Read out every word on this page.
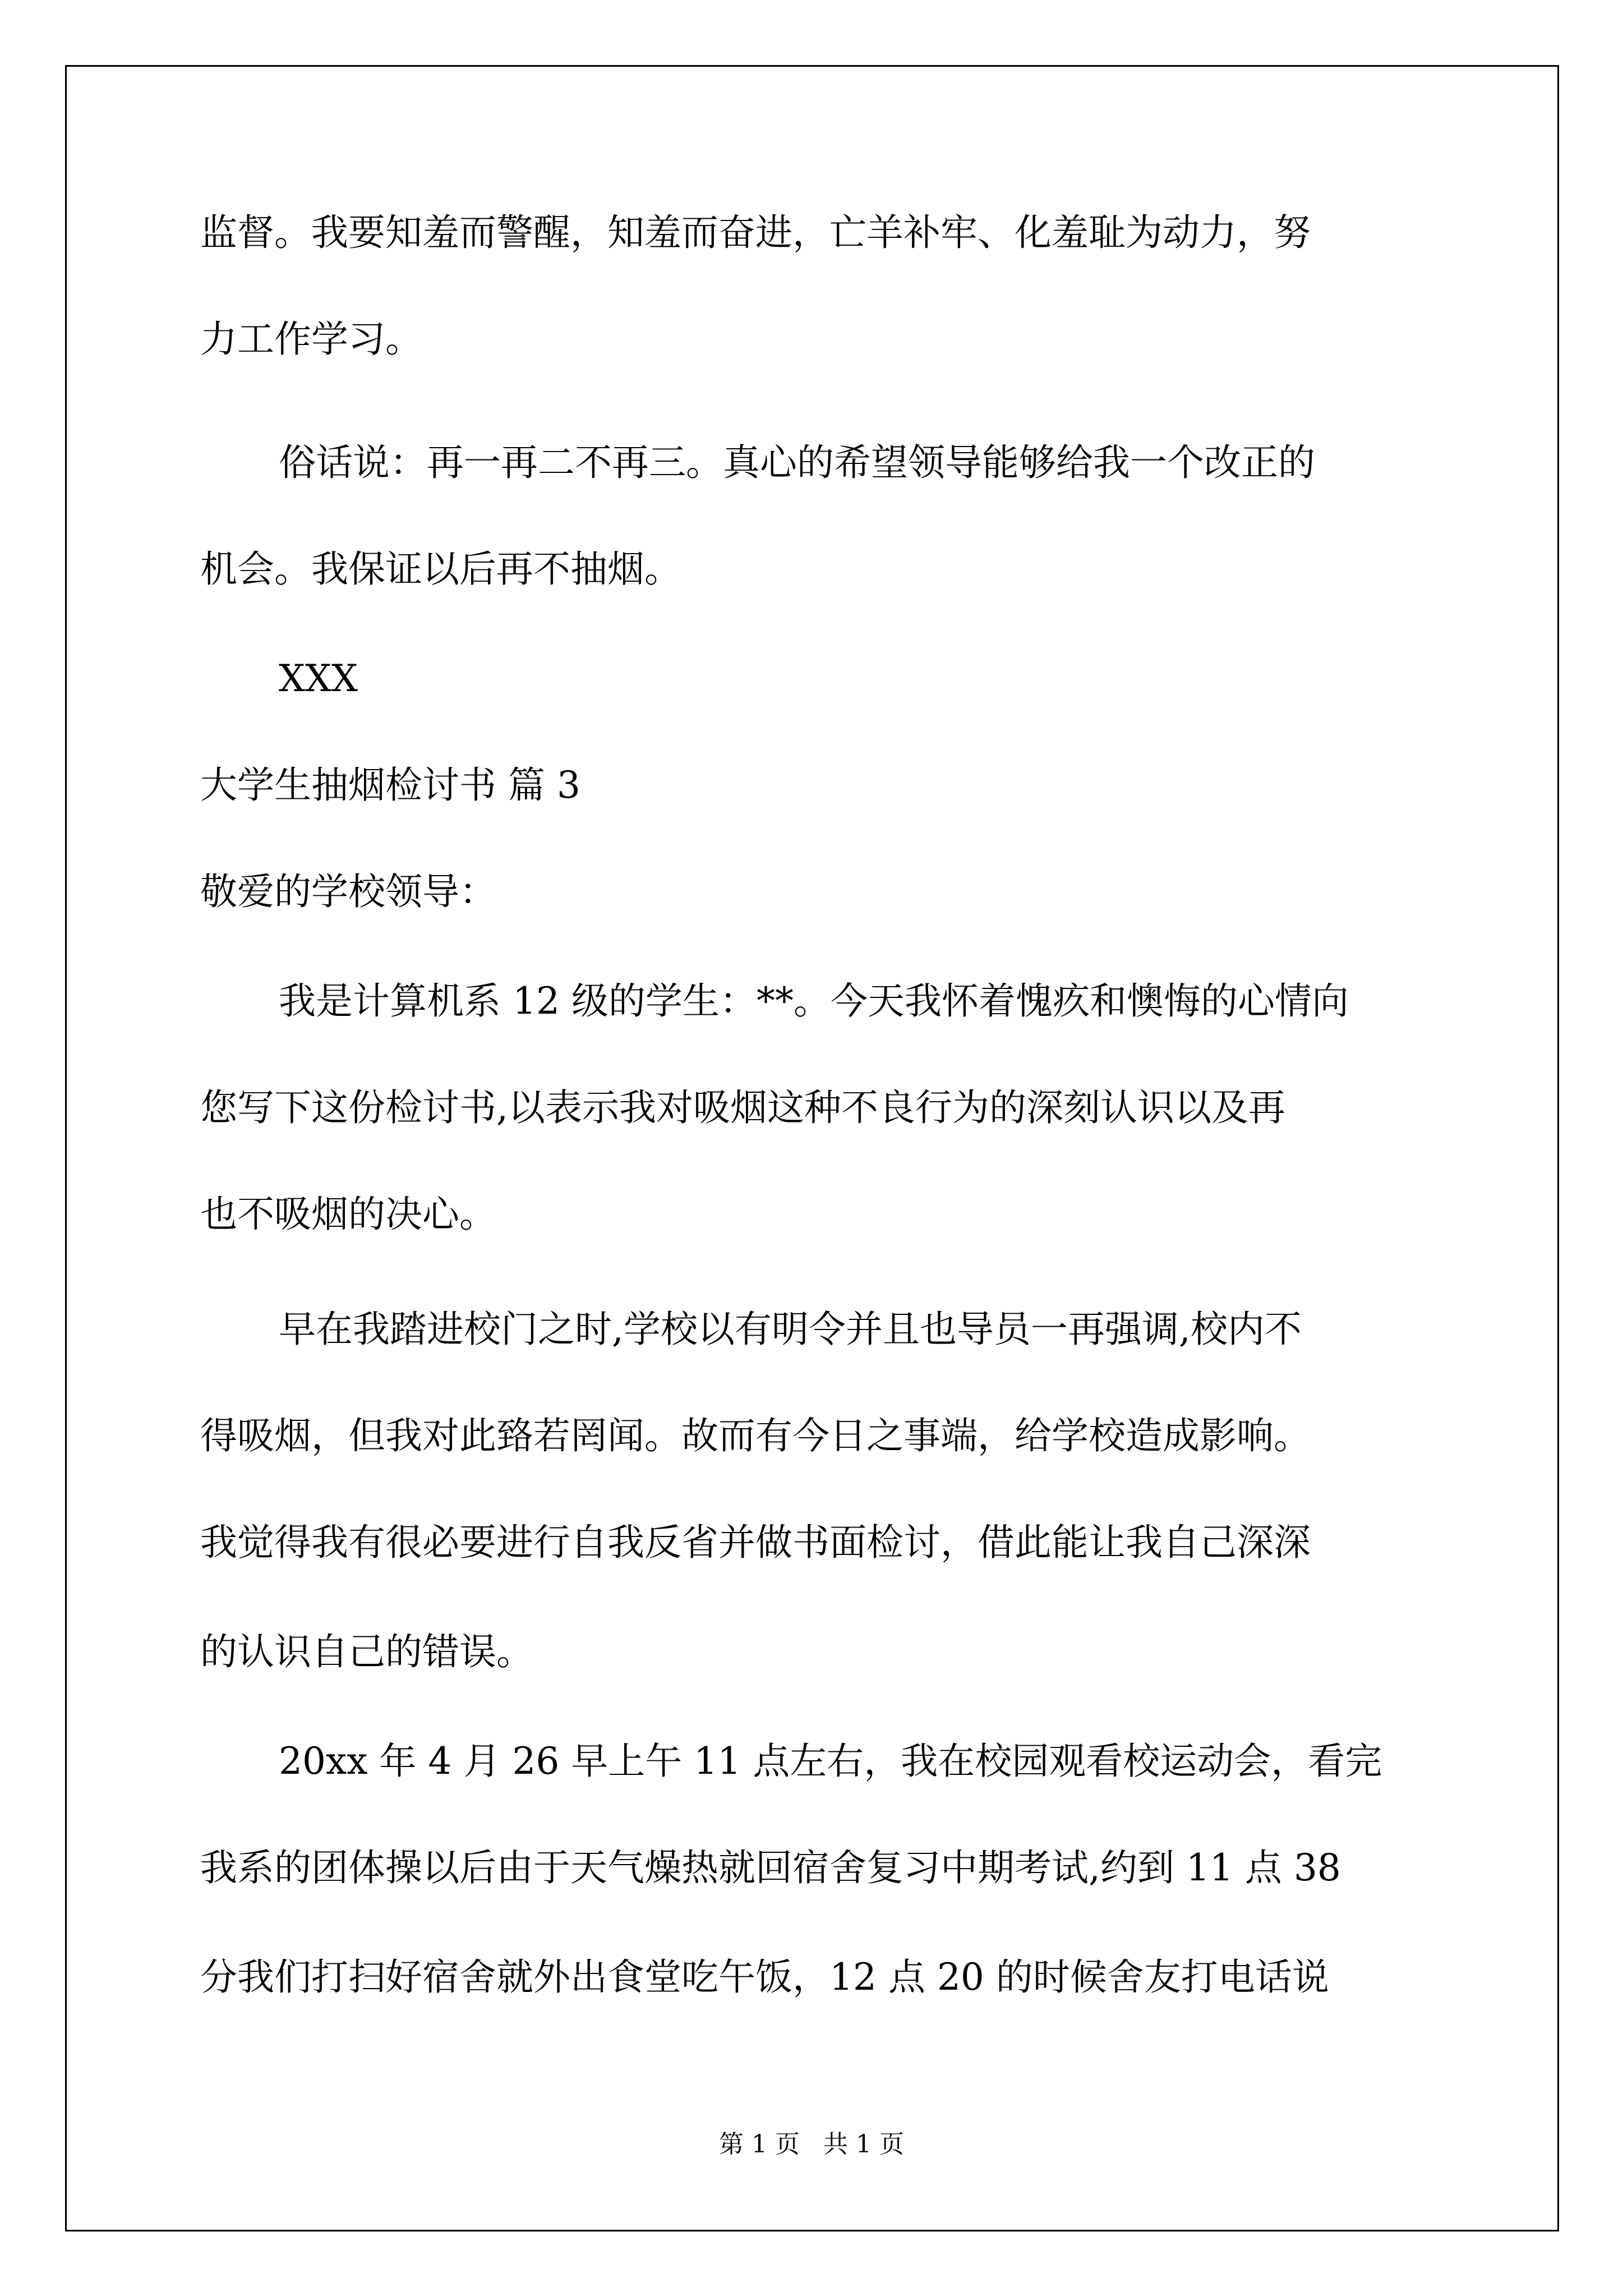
监督。我要知羞而警醒，知羞而奋进，亡羊补牢、化羞耻为动力，努
力工作学习。
俗话说：再一再二不再三。真心的希望领导能够给我一个改正的
机会。我保证以后再不抽烟。
XXX
大学生抽烟检讨书 篇 3
敬爱的学校领导：
我是计算机系 12 级的学生：**。今天我怀着愧疚和懊悔的心情向
您写下这份检讨书,以表示我对吸烟这种不良行为的深刻认识以及再
也不吸烟的决心。
早在我踏进校门之时,学校以有明令并且也导员一再强调,校内不
得吸烟，但我对此臵若罔闻。故而有今日之事端，给学校造成影响。
我觉得我有很必要进行自我反省并做书面检讨，借此能让我自己深深
的认识自己的错误。
20xx 年 4 月 26 早上午 11 点左右，我在校园观看校运动会，看完
我系的团体操以后由于天气燥热就回宿舍复习中期考试,约到 11 点 38
分我们打扫好宿舍就外出食堂吃午饭，12 点 20 的时候舍友打电话说
第 1 页   共 1 页
